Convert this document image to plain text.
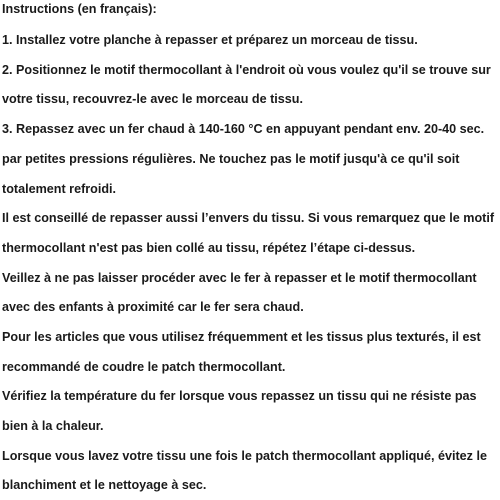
Instructions (en français):
1. Installez votre planche à repasser et préparez un morceau de tissu.
2. Positionnez le motif thermocollant à l'endroit où vous voulez qu'il se trouve sur
votre tissu, recouvrez-le avec le morceau de tissu.
3. Repassez avec un fer chaud à 140-160 °C en appuyant pendant env. 20-40 sec.
par petites pressions régulières. Ne touchez pas le motif jusqu'à ce qu'il soit
totalement refroidi.
Il est conseillé de repasser aussi l’envers du tissu. Si vous remarquez que le motif
thermocollant n'est pas bien collé au tissu, répétez l’étape ci-dessus.
Veillez à ne pas laisser procéder avec le fer à repasser et le motif thermocollant
avec des enfants à proximité car le fer sera chaud.
Pour les articles que vous utilisez fréquemment et les tissus plus texturés, il est
recommandé de coudre le patch thermocollant.
Vérifiez la température du fer lorsque vous repassez un tissu qui ne résiste pas
bien à la chaleur.
Lorsque vous lavez votre tissu une fois le patch thermocollant appliqué, évitez le
blanchiment et le nettoyage à sec.
